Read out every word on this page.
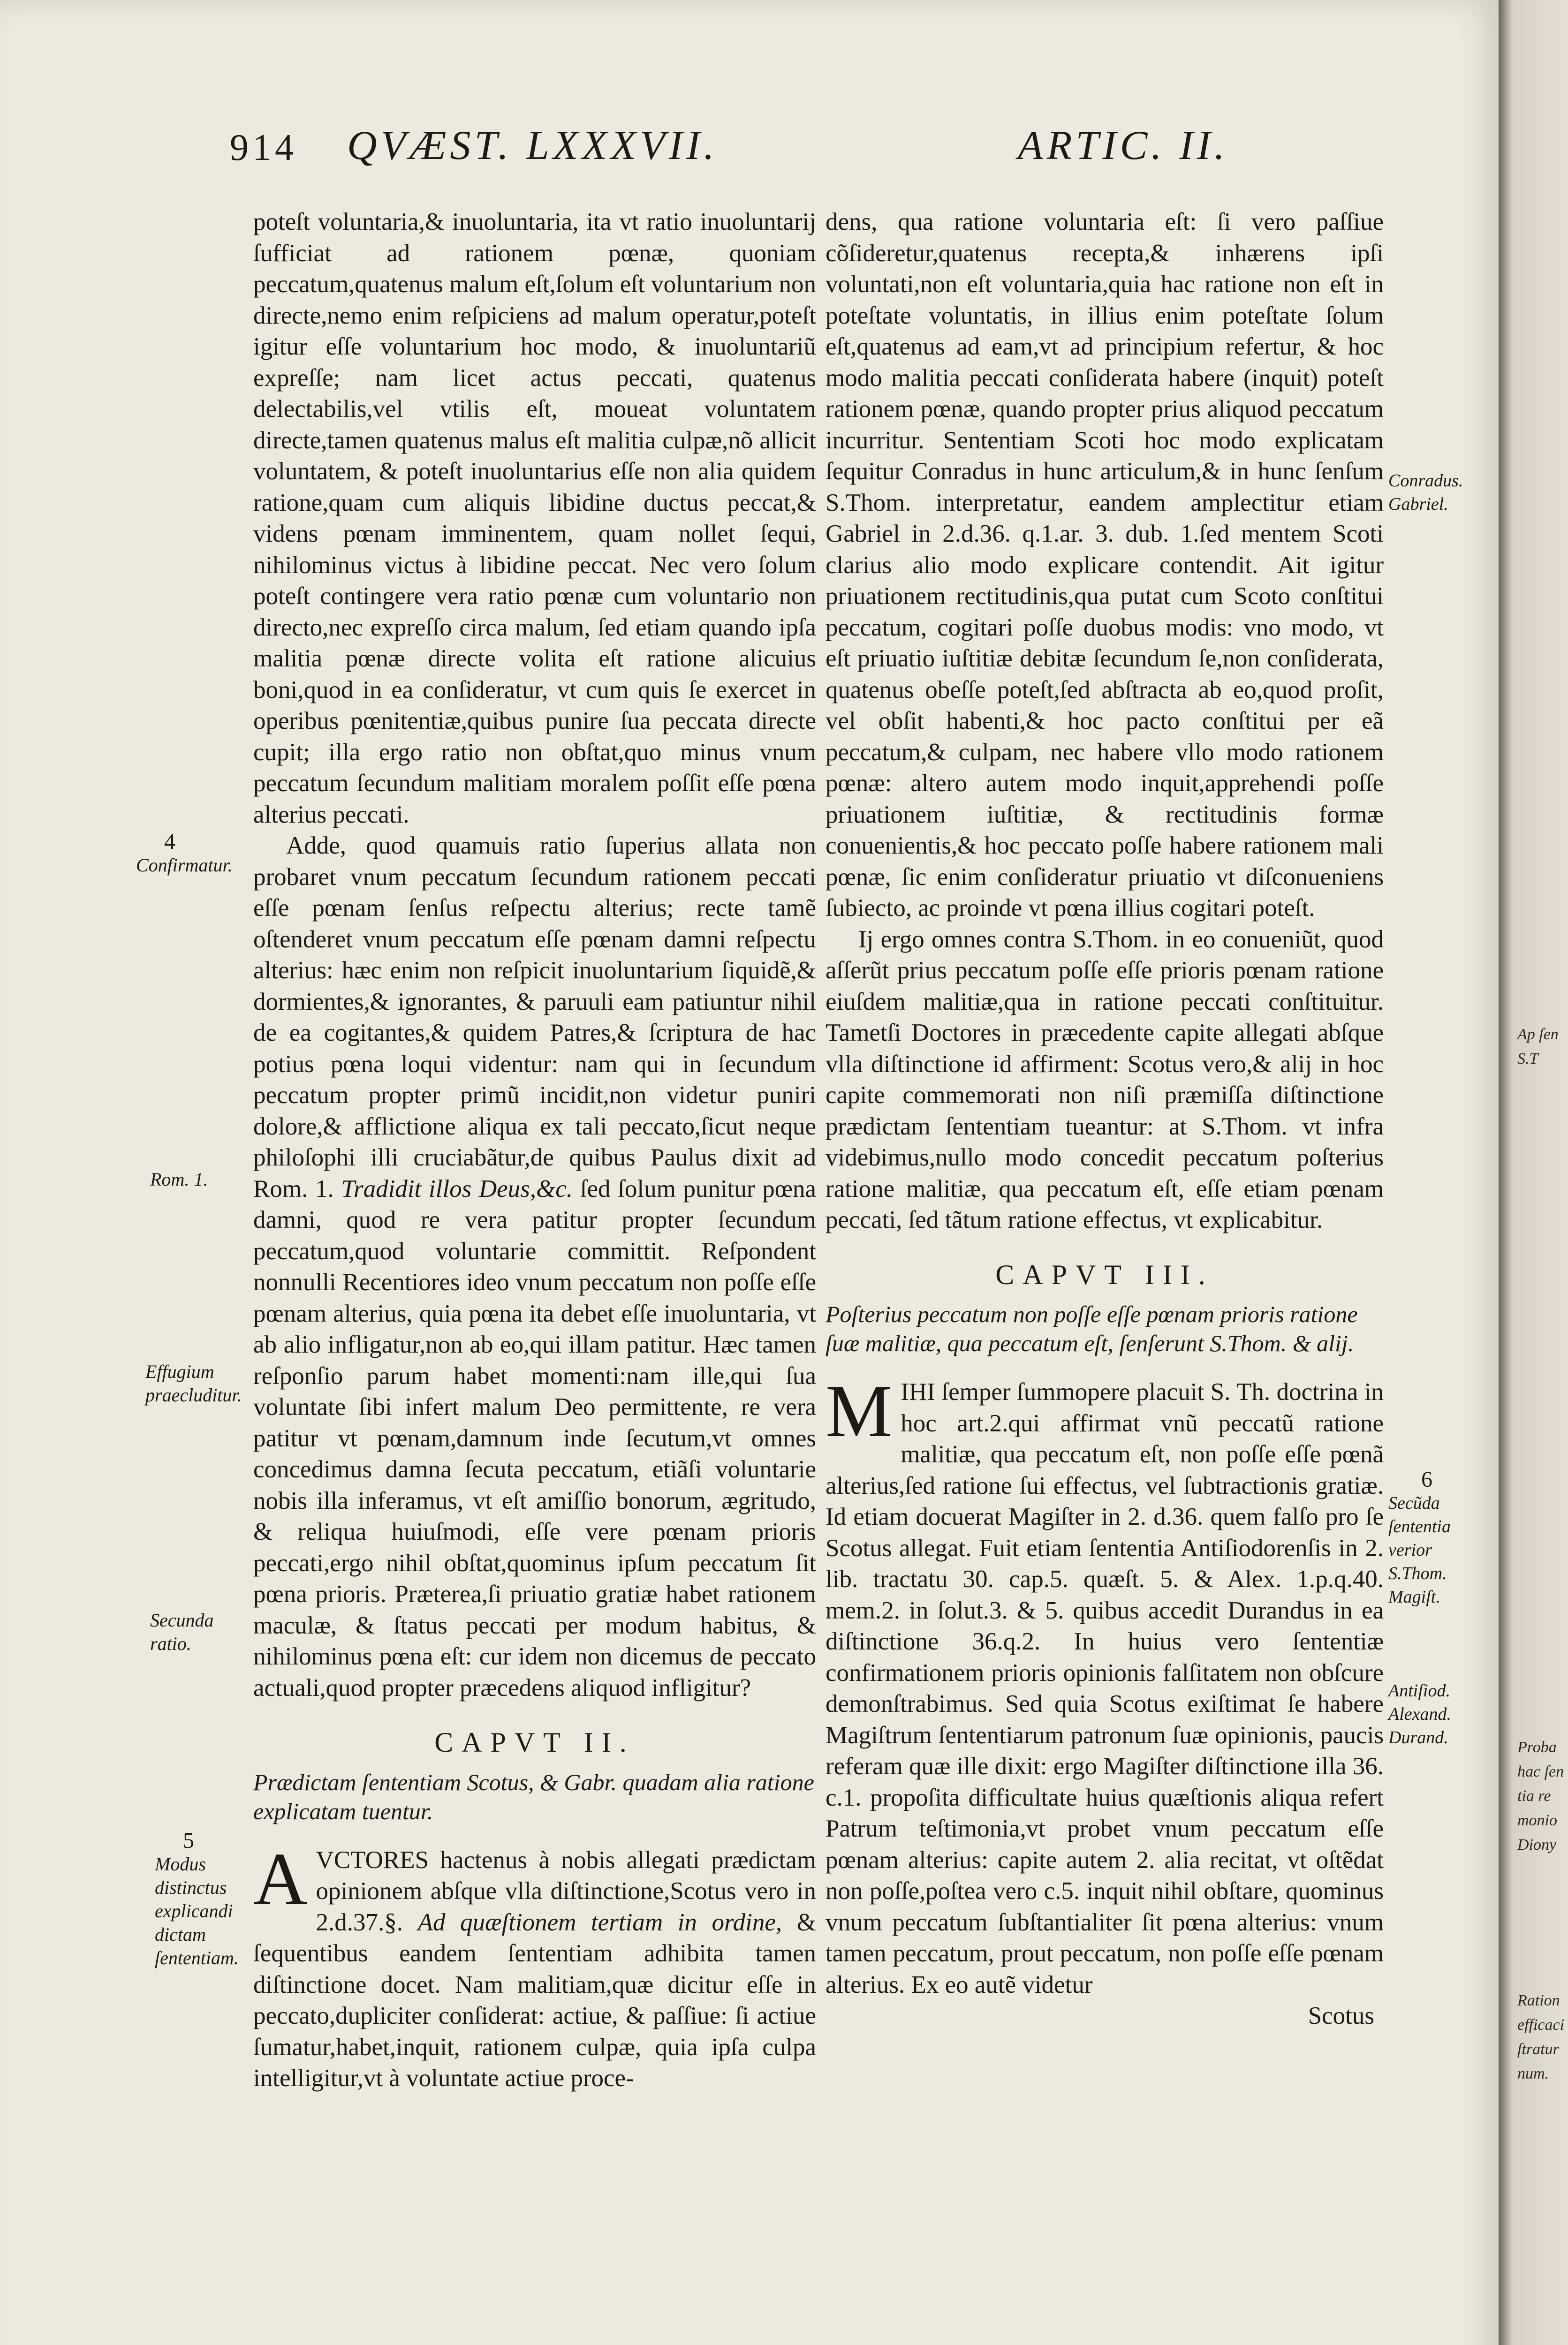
914 QVÆST. LXXXVII.	ARTIC. II.

poteſt voluntaria,& inuoluntaria, ita vt ratio inuoluntarij ſufficiat ad rationem pœnæ, quoniam peccatum,quatenus malum eſt,ſolum eſt voluntarium non directe,nemo enim reſpiciens ad malum operatur,poteſt igitur eſſe voluntarium hoc modo, & inuoluntariũ expreſſe; nam licet actus peccati, quatenus delectabilis,vel vtilis eſt, moueat voluntatem directe,tamen quatenus malus eſt malitia culpæ,nõ allicit voluntatem, & poteſt inuoluntarius eſſe non alia quidem ratione,quam cum aliquis libidine ductus peccat,& videns pœnam imminentem, quam nollet ſequi, nihilominus victus à libidine peccat. Nec vero ſolum poteſt contingere vera ratio pœnæ cum voluntario non directo,nec expreſſo circa malum, ſed etiam quando ipſa malitia pœnæ directe volita eſt ratione alicuius boni,quod in ea conſideratur, vt cum quis ſe exercet in operibus pœnitentiæ,quibus punire ſua peccata directe cupit; illa ergo ratio non obſtat,quo minus vnum peccatum ſecundum malitiam moralem poſſit eſſe pœna alterius peccati.

Adde, quod quamuis ratio ſuperius allata non probaret vnum peccatum ſecundum rationem peccati eſſe pœnam ſenſus reſpectu alterius; recte tamẽ oſtenderet vnum peccatum eſſe pœnam damni reſpectu alterius: hæc enim non reſpicit inuoluntarium ſiquidẽ,& dormientes,& ignorantes, & paruuli eam patiuntur nihil de ea cogitantes,& quidem Patres,& ſcriptura de hac potius pœna loqui videntur: nam qui in ſecundum peccatum propter primũ incidit,non videtur puniri dolore,& afflictione aliqua ex tali peccato,ſicut neque philoſophi illi cruciabãtur,de quibus Paulus dixit ad Rom. 1. Tradidit illos Deus,&c. ſed ſolum punitur pœna damni, quod re vera patitur propter ſecundum peccatum,quod voluntarie committit. Reſpondent nonnulli Recentiores ideo vnum peccatum non poſſe eſſe pœnam alterius, quia pœna ita debet eſſe inuoluntaria, vt ab alio infligatur,non ab eo,qui illam patitur. Hæc tamen reſponſio parum habet momenti:nam ille,qui ſua voluntate ſibi infert malum Deo permittente, re vera patitur vt pœnam,damnum inde ſecutum,vt omnes concedimus damna ſecuta peccatum, etiãſi voluntarie nobis illa inferamus, vt eſt amiſſio bonorum, ægritudo, & reliqua huiuſmodi, eſſe vere pœnam prioris peccati,ergo nihil obſtat,quominus ipſum peccatum ſit pœna prioris. Præterea,ſi priuatio gratiæ habet rationem maculæ, & ſtatus peccati per modum habitus, & nihilominus pœna eſt: cur idem non dicemus de peccato actuali,quod propter præcedens aliquod infligitur?

CAPVT II.
Prædictam ſententiam Scotus, & Gabr. quadam alia ratione explicatam tuentur.

AVCTORES hactenus à nobis allegati prædictam opinionem abſque vlla diſtinctione,Scotus vero in 2.d.37.§. Ad quæſtionem tertiam in ordine, & ſequentibus eandem ſententiam adhibita tamen diſtinctione docet. Nam malitiam,quæ dicitur eſſe in peccato,dupliciter conſiderat: actiue, & paſſiue: ſi actiue ſumatur,habet,inquit, rationem culpæ, quia ipſa culpa intelligitur,vt à voluntate actiue proce-

dens, qua ratione voluntaria eſt: ſi vero paſſiue cõſideretur,quatenus recepta,& inhærens ipſi voluntati,non eſt voluntaria,quia hac ratione non eſt in poteſtate voluntatis, in illius enim poteſtate ſolum eſt,quatenus ad eam,vt ad principium refertur, & hoc modo malitia peccati conſiderata habere (inquit) poteſt rationem pœnæ, quando propter prius aliquod peccatum incurritur. Sententiam Scoti hoc modo explicatam ſequitur Conradus in hunc articulum,& in hunc ſenſum S.Thom. interpretatur, eandem amplectitur etiam Gabriel in 2.d.36. q.1.ar. 3. dub. 1.ſed mentem Scoti clarius alio modo explicare contendit. Ait igitur priuationem rectitudinis,qua putat cum Scoto conſtitui peccatum, cogitari poſſe duobus modis: vno modo, vt eſt priuatio iuſtitiæ debitæ ſecundum ſe,non conſiderata, quatenus obeſſe poteſt,ſed abſtracta ab eo,quod proſit, vel obſit habenti,& hoc pacto conſtitui per eã peccatum,& culpam, nec habere vllo modo rationem pœnæ: altero autem modo inquit,apprehendi poſſe priuationem iuſtitiæ, & rectitudinis formæ conuenientis,& hoc peccato poſſe habere rationem mali pœnæ, ſic enim conſideratur priuatio vt diſconueniens ſubiecto, ac proinde vt pœna illius cogitari poteſt.

Ij ergo omnes contra S.Thom. in eo conueniũt, quod aſſerũt prius peccatum poſſe eſſe prioris pœnam ratione eiuſdem malitiæ,qua in ratione peccati conſtituitur. Tametſi Doctores in præcedente capite allegati abſque vlla diſtinctione id affirment: Scotus vero,& alij in hoc capite commemorati non niſi præmiſſa diſtinctione prædictam ſententiam tueantur: at S.Thom. vt infra videbimus,nullo modo concedit peccatum poſterius ratione malitiæ, qua peccatum eſt, eſſe etiam pœnam peccati, ſed tãtum ratione effectus, vt explicabitur.

CAPVT III.
Poſterius peccatum non poſſe eſſe pœnam prioris ratione ſuæ malitiæ, qua peccatum eſt, ſenſerunt S.Thom. & alij.

MIHI ſemper ſummopere placuit S. Th. doctrina in hoc art.2.qui affirmat vnũ peccatũ ratione malitiæ, qua peccatum eſt, non poſſe eſſe pœnã alterius,ſed ratione ſui effectus, vel ſubtractionis gratiæ. Id etiam docuerat Magiſter in 2. d.36. quem falſo pro ſe Scotus allegat. Fuit etiam ſententia Antiſiodorenſis in 2. lib. tractatu 30. cap.5. quæſt. 5. & Alex. 1.p.q.40. mem.2. in ſolut.3. & 5. quibus accedit Durandus in ea diſtinctione 36.q.2. In huius vero ſententiæ confirmationem prioris opinionis falſitatem non obſcure demonſtrabimus. Sed quia Scotus exiſtimat ſe habere Magiſtrum ſententiarum patronum ſuæ opinionis, paucis referam quæ ille dixit: ergo Magiſter diſtinctione illa 36. c.1. propoſita difficultate huius quæſtionis aliqua refert Patrum teſtimonia,vt probet vnum peccatum eſſe pœnam alterius: capite autem 2. alia recitat, vt oſtẽdat non poſſe,poſtea vero c.5. inquit nihil obſtare, quominus vnum peccatum ſubſtantialiter ſit pœna alterius: vnum tamen peccatum, prout peccatum, non poſſe eſſe pœnam alterius. Ex eo autẽ videtur

Scotus
4
Confirmatur.
Rom. 1.
Effugium praecluditur.
Secunda ratio.
5
Modus distinctus explicandi dictam ſententiam.
Conradus. Gabriel.
6
Secũda ſententia verior S.Thom. Magiſt.
Antiſiod. Alexand. Durand.
Ap ſen S.T
Proba hac ſen tia re monio Diony
Ration efficaci ſtratur num.
